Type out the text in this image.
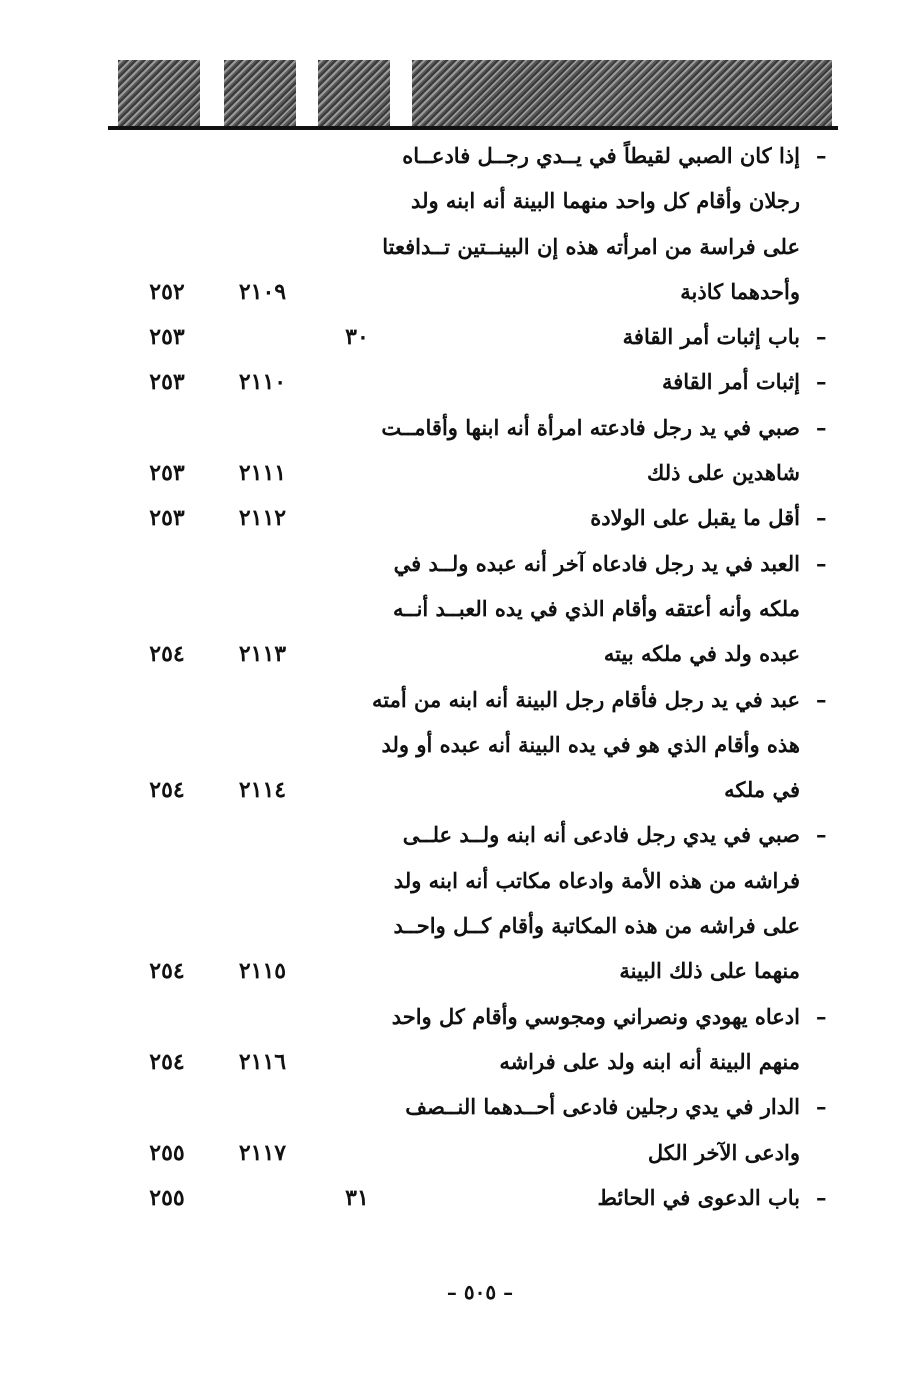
–
إذا كان الصبي لقيطاً في يــدي رجــل فادعــاه
رجلان وأقام كل واحد منهما البينة أنه ابنه ولد
على فراسة من امرأته هذه إن البينــتين تــدافعتا
وأحدهما كاذبة
٢١٠٩
٢٥٢
–
باب إثبات أمر القافة
٣٠
٢٥٣
–
إثبات أمر القافة
٢١١٠
٢٥٣
–
صبي في يد رجل فادعته امرأة أنه ابنها وأقامــت
شاهدين على ذلك
٢١١١
٢٥٣
–
أقل ما يقبل على الولادة
٢١١٢
٢٥٣
–
العبد في يد رجل فادعاه آخر أنه عبده ولــد في
ملكه وأنه أعتقه وأقام الذي في يده العبــد أنــه
عبده ولد في ملكه بيته
٢١١٣
٢٥٤
–
عبد في يد رجل فأقام رجل البينة أنه ابنه من أمته
هذه وأقام الذي هو في يده البينة أنه عبده أو ولد
في ملكه
٢١١٤
٢٥٤
–
صبي في يدي رجل فادعى أنه ابنه ولــد علــى
فراشه من هذه الأمة وادعاه مكاتب أنه ابنه ولد
على فراشه من هذه المكاتبة وأقام كــل واحــد
منهما على ذلك البينة
٢١١٥
٢٥٤
–
ادعاه يهودي ونصراني ومجوسي وأقام كل واحد
منهم البينة أنه ابنه ولد على فراشه
٢١١٦
٢٥٤
–
الدار في يدي رجلين فادعى أحــدهما النــصف
وادعى الآخر الكل
٢١١٧
٢٥٥
–
باب الدعوى في الحائط
٣١
٢٥٥
– ٥٠٥ –
